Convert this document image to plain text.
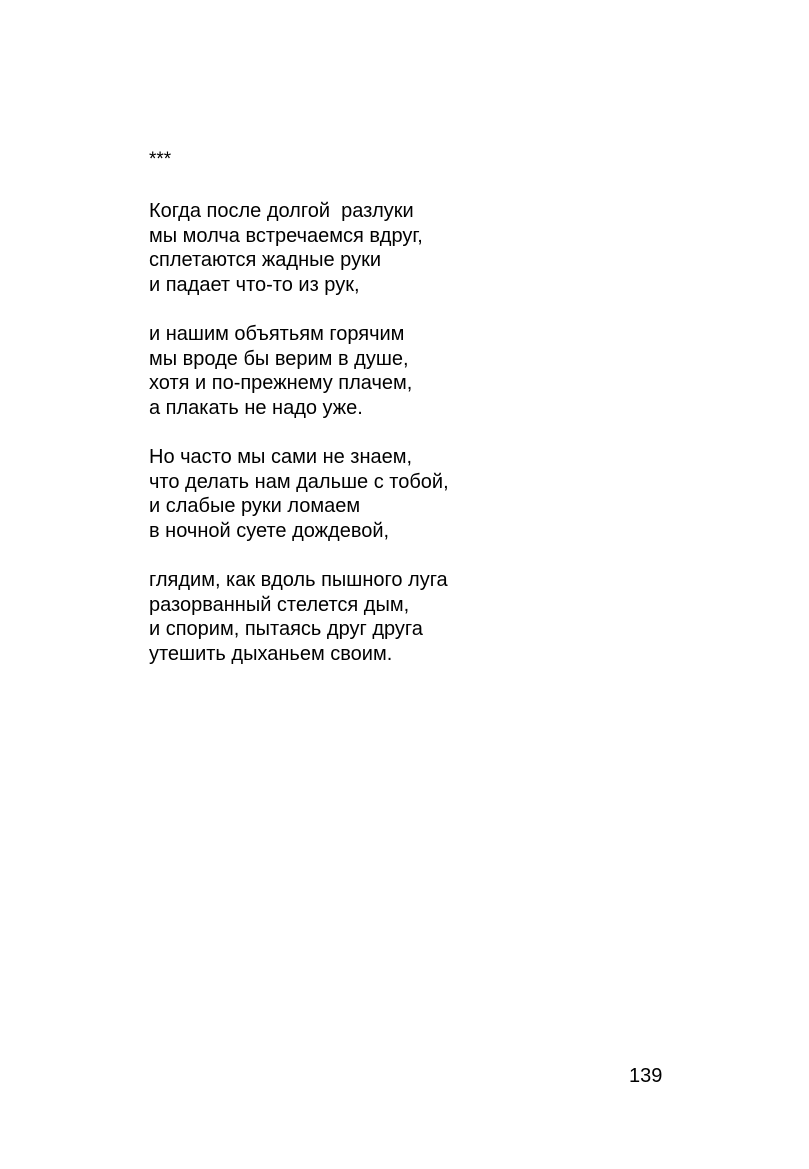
***
Когда после долгой  разлуки
мы молча встречаемся вдруг,
сплетаются жадные руки
и падает что-то из рук,
и нашим объятьям горячим
мы вроде бы верим в душе,
хотя и по-прежнему плачем,
а плакать не надо уже.
Но часто мы сами не знаем,
что делать нам дальше с тобой,
и слабые руки ломаем
в ночной суете дождевой,
глядим, как вдоль пышного луга
разорванный стелется дым,
и спорим, пытаясь друг друга
утешить дыханьем своим.
139
